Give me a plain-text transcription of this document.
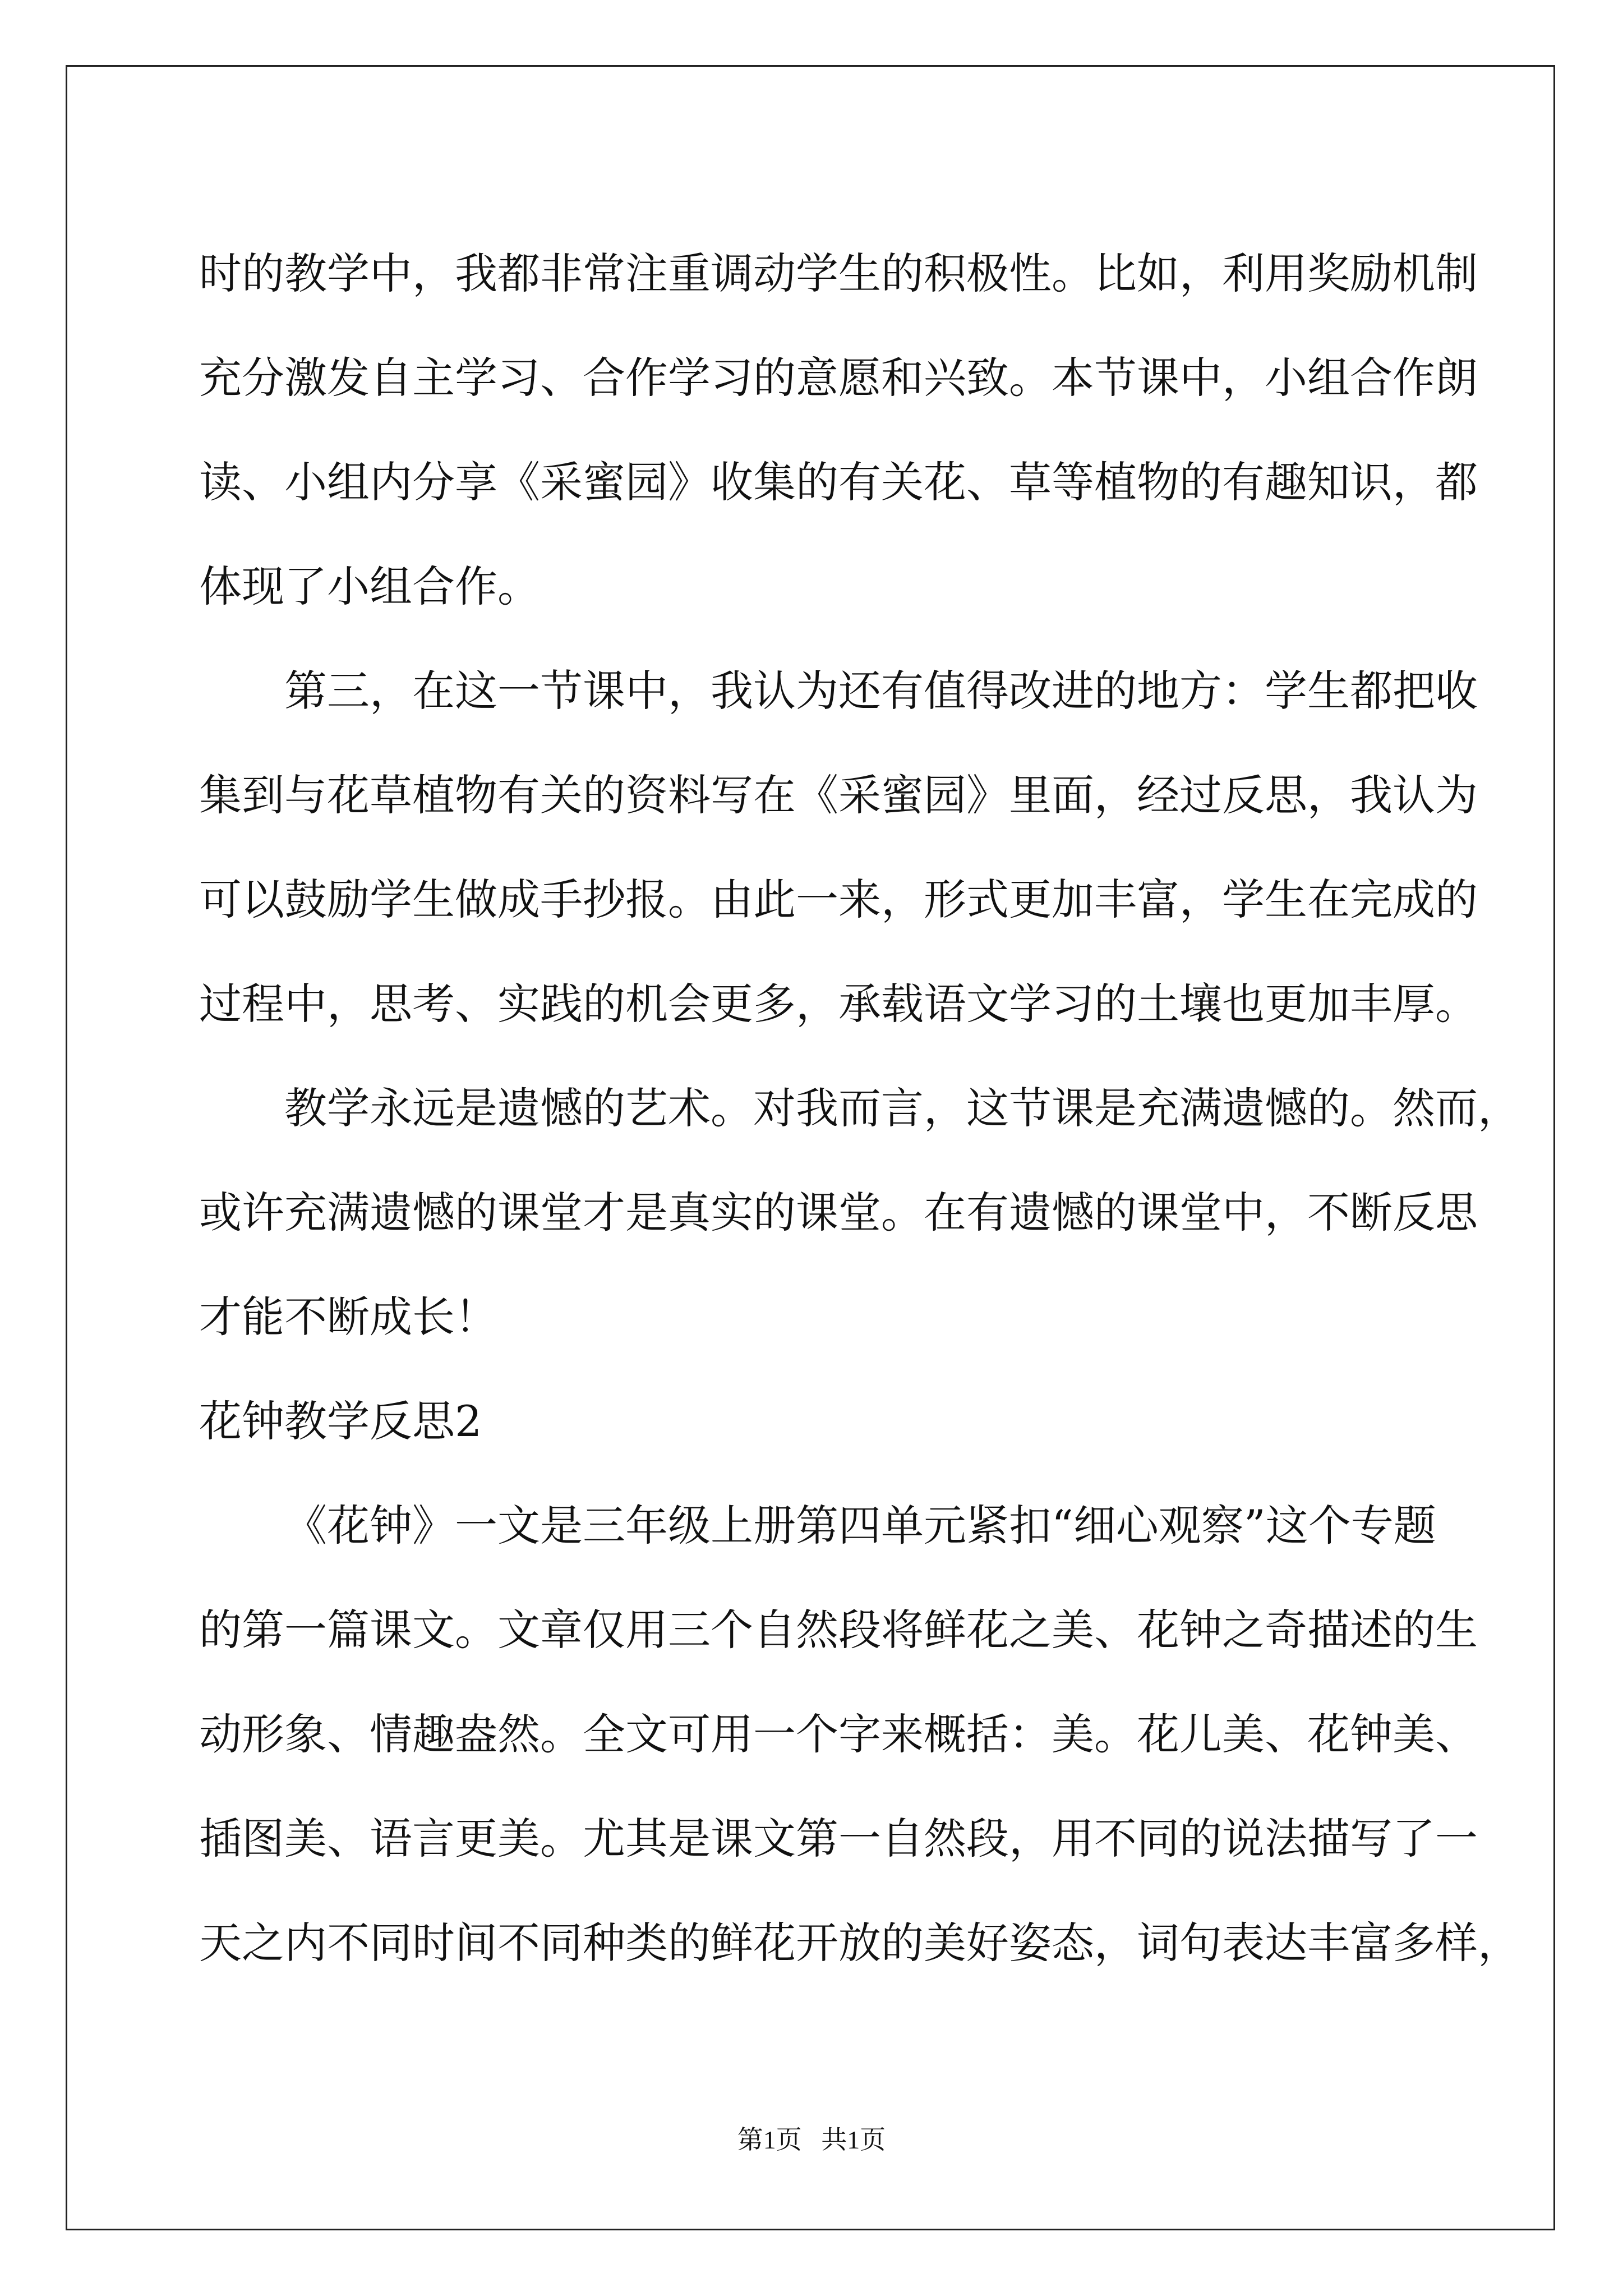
时的教学中，我都非常注重调动学生的积极性。比如，利用奖励机制
充分激发自主学习、合作学习的意愿和兴致。本节课中，小组合作朗
读、小组内分享《采蜜园》收集的有关花、草等植物的有趣知识，都
体现了小组合作。
第三，在这一节课中，我认为还有值得改进的地方：学生都把收
集到与花草植物有关的资料写在《采蜜园》里面，经过反思，我认为
可以鼓励学生做成手抄报。由此一来，形式更加丰富，学生在完成的
过程中，思考、实践的机会更多，承载语文学习的土壤也更加丰厚。
教学永远是遗憾的艺术。对我而言，这节课是充满遗憾的。然而，
或许充满遗憾的课堂才是真实的课堂。在有遗憾的课堂中，不断反思
才能不断成长！
花钟教学反思2
《花钟》一文是三年级上册第四单元紧扣“细心观察”这个专题
的第一篇课文。文章仅用三个自然段将鲜花之美、花钟之奇描述的生
动形象、情趣盎然。全文可用一个字来概括：美。花儿美、花钟美、
插图美、语言更美。尤其是课文第一自然段，用不同的说法描写了一
天之内不同时间不同种类的鲜花开放的美好姿态，词句表达丰富多样，
第1页   共1页
